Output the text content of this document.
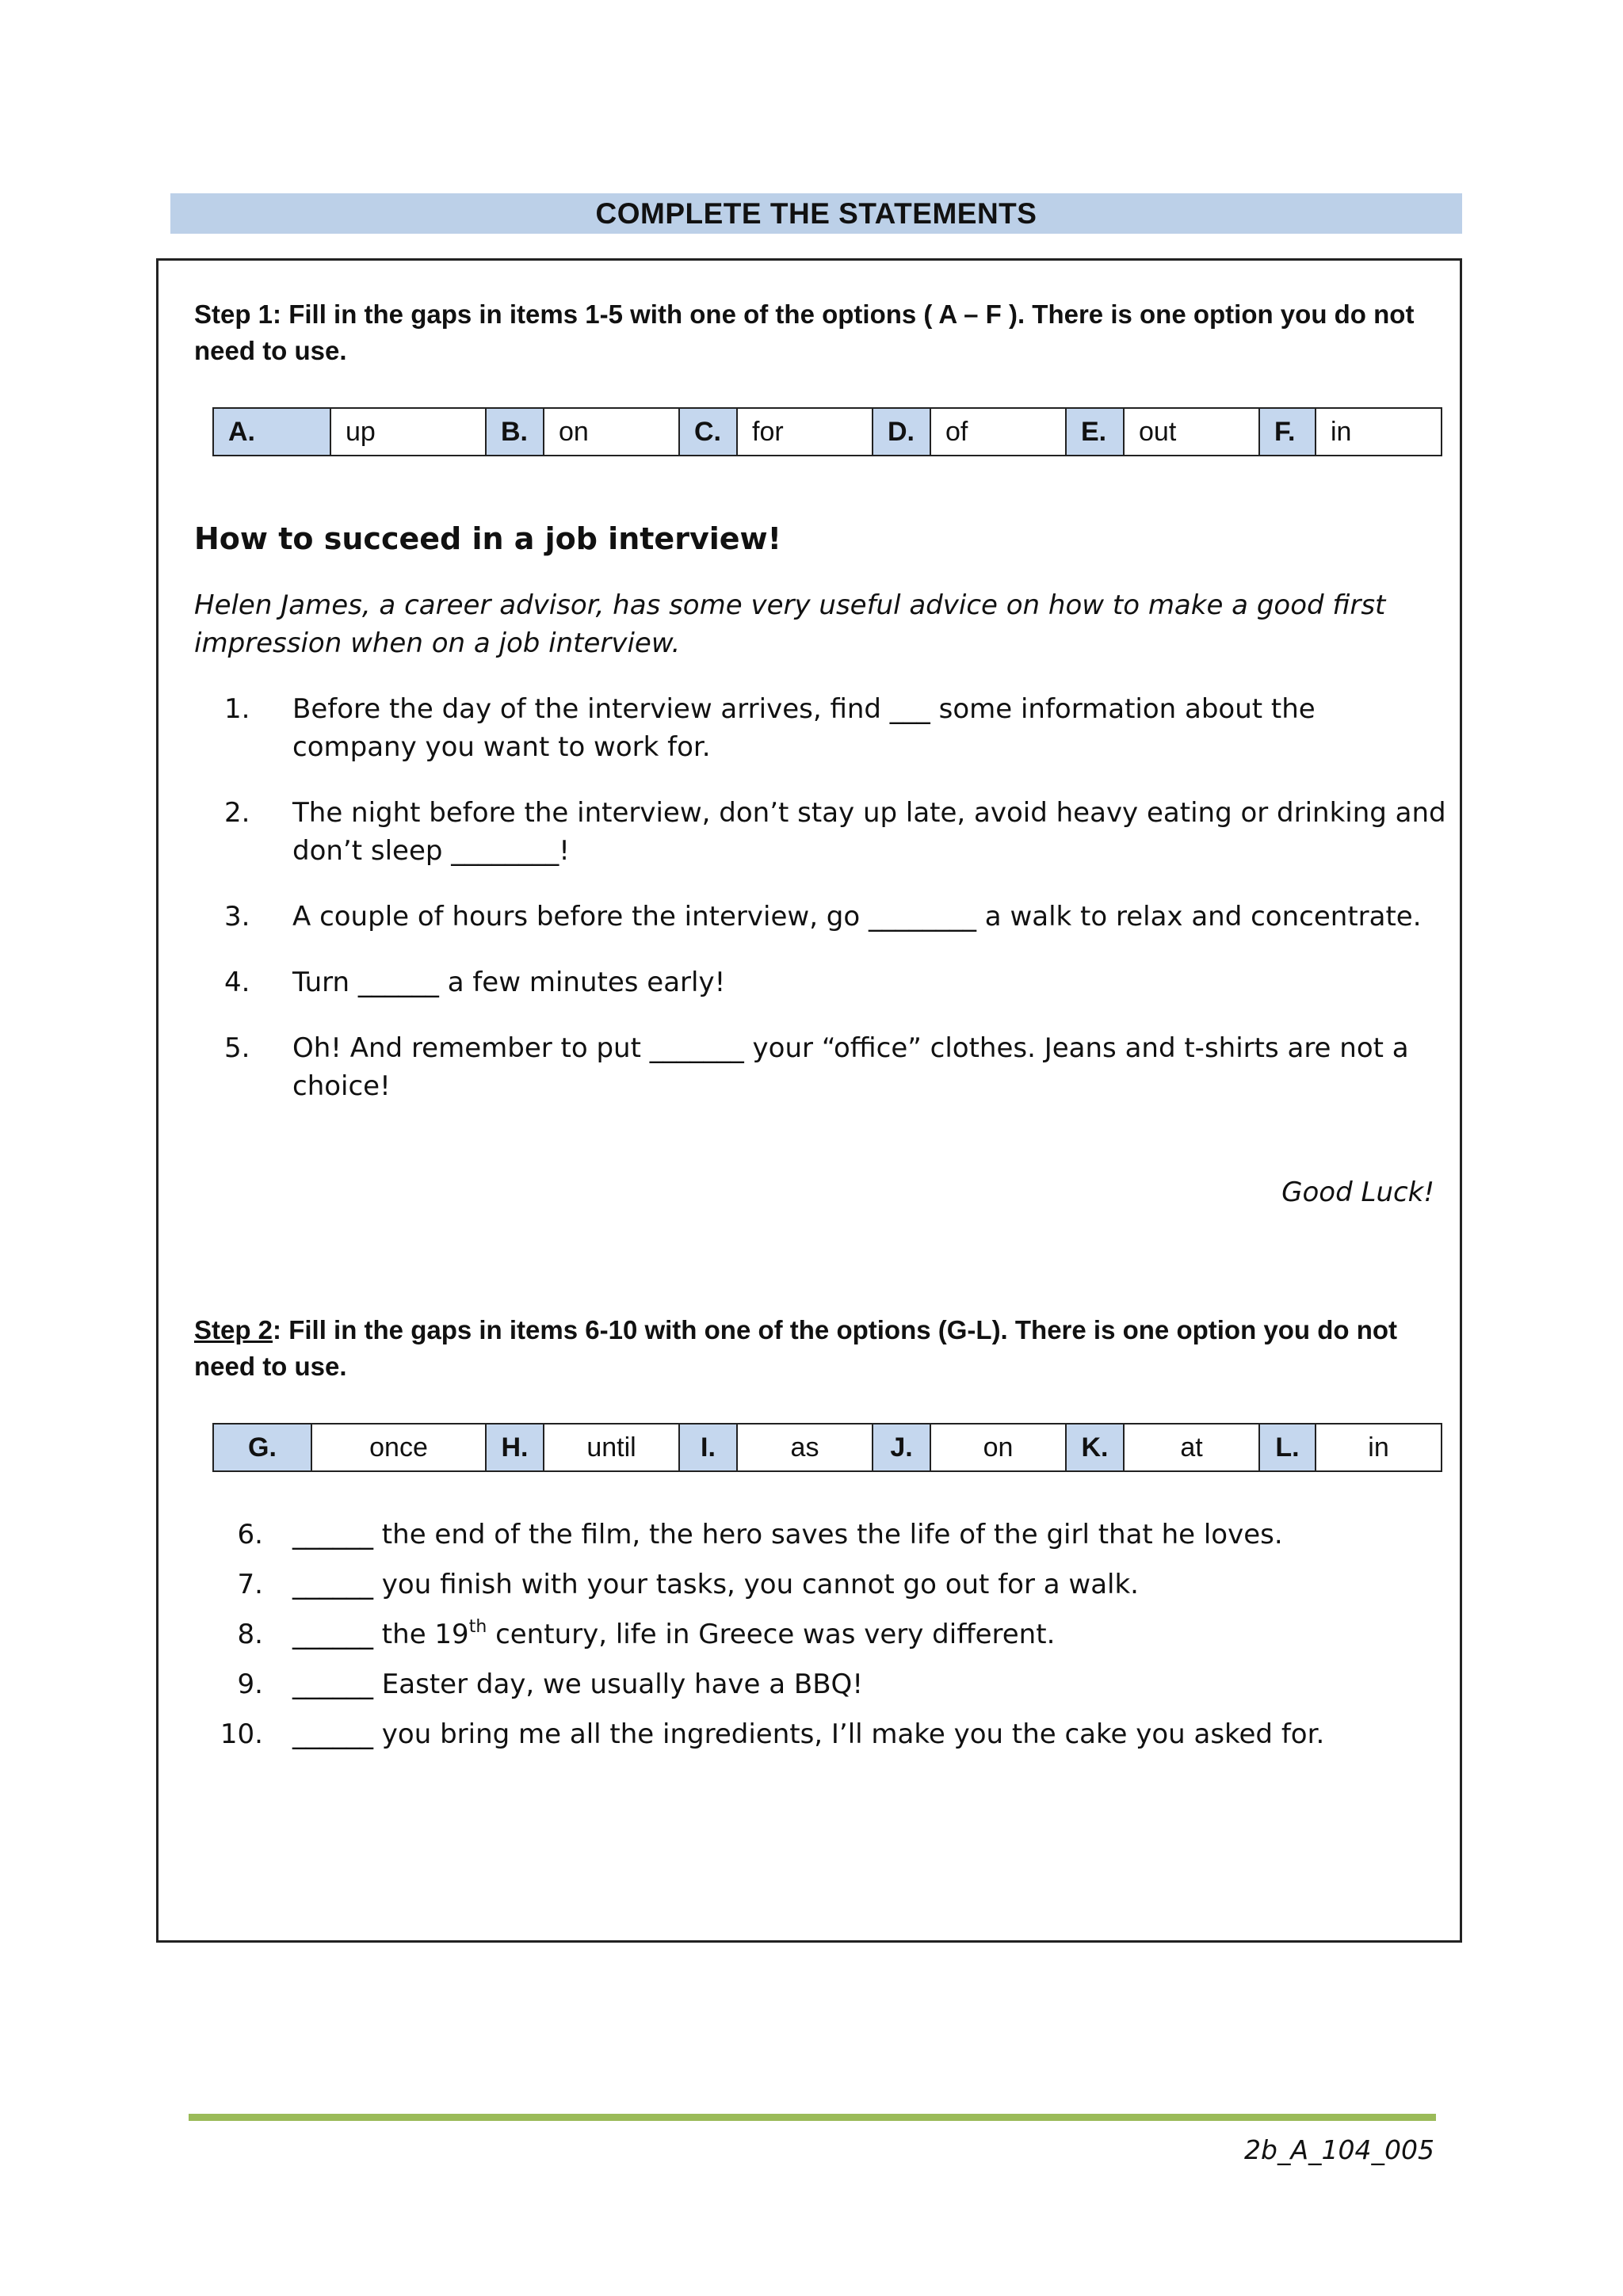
COMPLETE THE STATEMENTS
Step 1: Fill in the gaps in items 1-5 with one of the options ( A – F ). There is one option you do not need to use.
A.	up	B.	on	C.	for	D.	of	E.	out	F.	in
How to succeed in a job interview!
Helen James, a career advisor, has some very useful advice on how to make a good first impression when on a job interview.
1. Before the day of the interview arrives, find ___ some information about the company you want to work for.
2. The night before the interview, don’t stay up late, avoid heavy eating or drinking and don’t sleep ________!
3. A couple of hours before the interview, go ________ a walk to relax and concentrate.
4. Turn ______ a few minutes early!
5. Oh! And remember to put _______ your “office” clothes. Jeans and t-shirts are not a choice!
Good Luck!
Step 2: Fill in the gaps in items 6-10 with one of the options (G-L). There is one option you do not need to use.
G.	once	H.	until	I.	as	J.	on	K.	at	L.	in
6. ______ the end of the film, the hero saves the life of the girl that he loves.
7. ______ you finish with your tasks, you cannot go out for a walk.
8. ______ the 19th century, life in Greece was very different.
9. ______ Easter day, we usually have a BBQ!
10. ______ you bring me all the ingredients, I’ll make you the cake you asked for.
2b_A_104_005
